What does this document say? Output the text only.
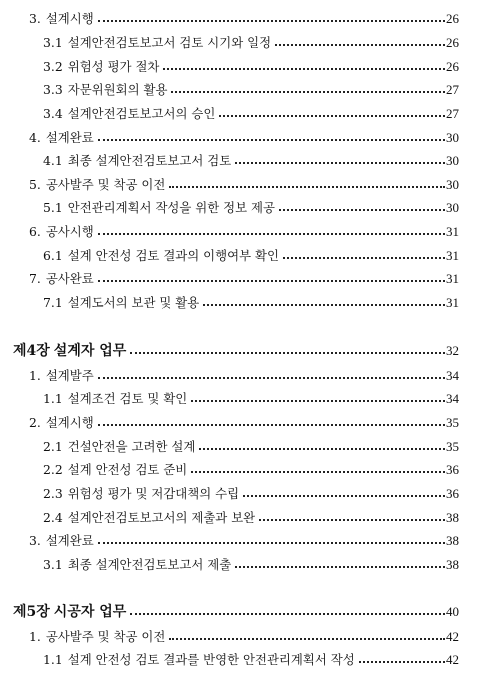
3. 설계시행	26
3.1 설계안전검토보고서 검토 시기와 일정	26
3.2 위험성 평가 절차	26
3.3 자문위원회의 활용	27
3.4 설계안전검토보고서의 승인	27
4. 설계완료	30
4.1 최종 설계안전검토보고서 검토	30
5. 공사발주 및 착공 이전	30
5.1 안전관리계획서 작성을 위한 정보 제공	30
6. 공사시행	31
6.1 설계 안전성 검토 결과의 이행여부 확인	31
7. 공사완료	31
7.1 설계도서의 보관 및 활용	31
제4장 설계자 업무	32
1. 설계발주	34
1.1 설계조건 검토 및 확인	34
2. 설계시행	35
2.1 건설안전을 고려한 설계	35
2.2 설계 안전성 검토 준비	36
2.3 위험성 평가 및 저감대책의 수립	36
2.4 설계안전검토보고서의 제출과 보완	38
3. 설계완료	38
3.1 최종 설계안전검토보고서 제출	38
제5장 시공자 업무	40
1. 공사발주 및 착공 이전	42
1.1 설계 안전성 검토 결과를 반영한 안전관리계획서 작성	42
